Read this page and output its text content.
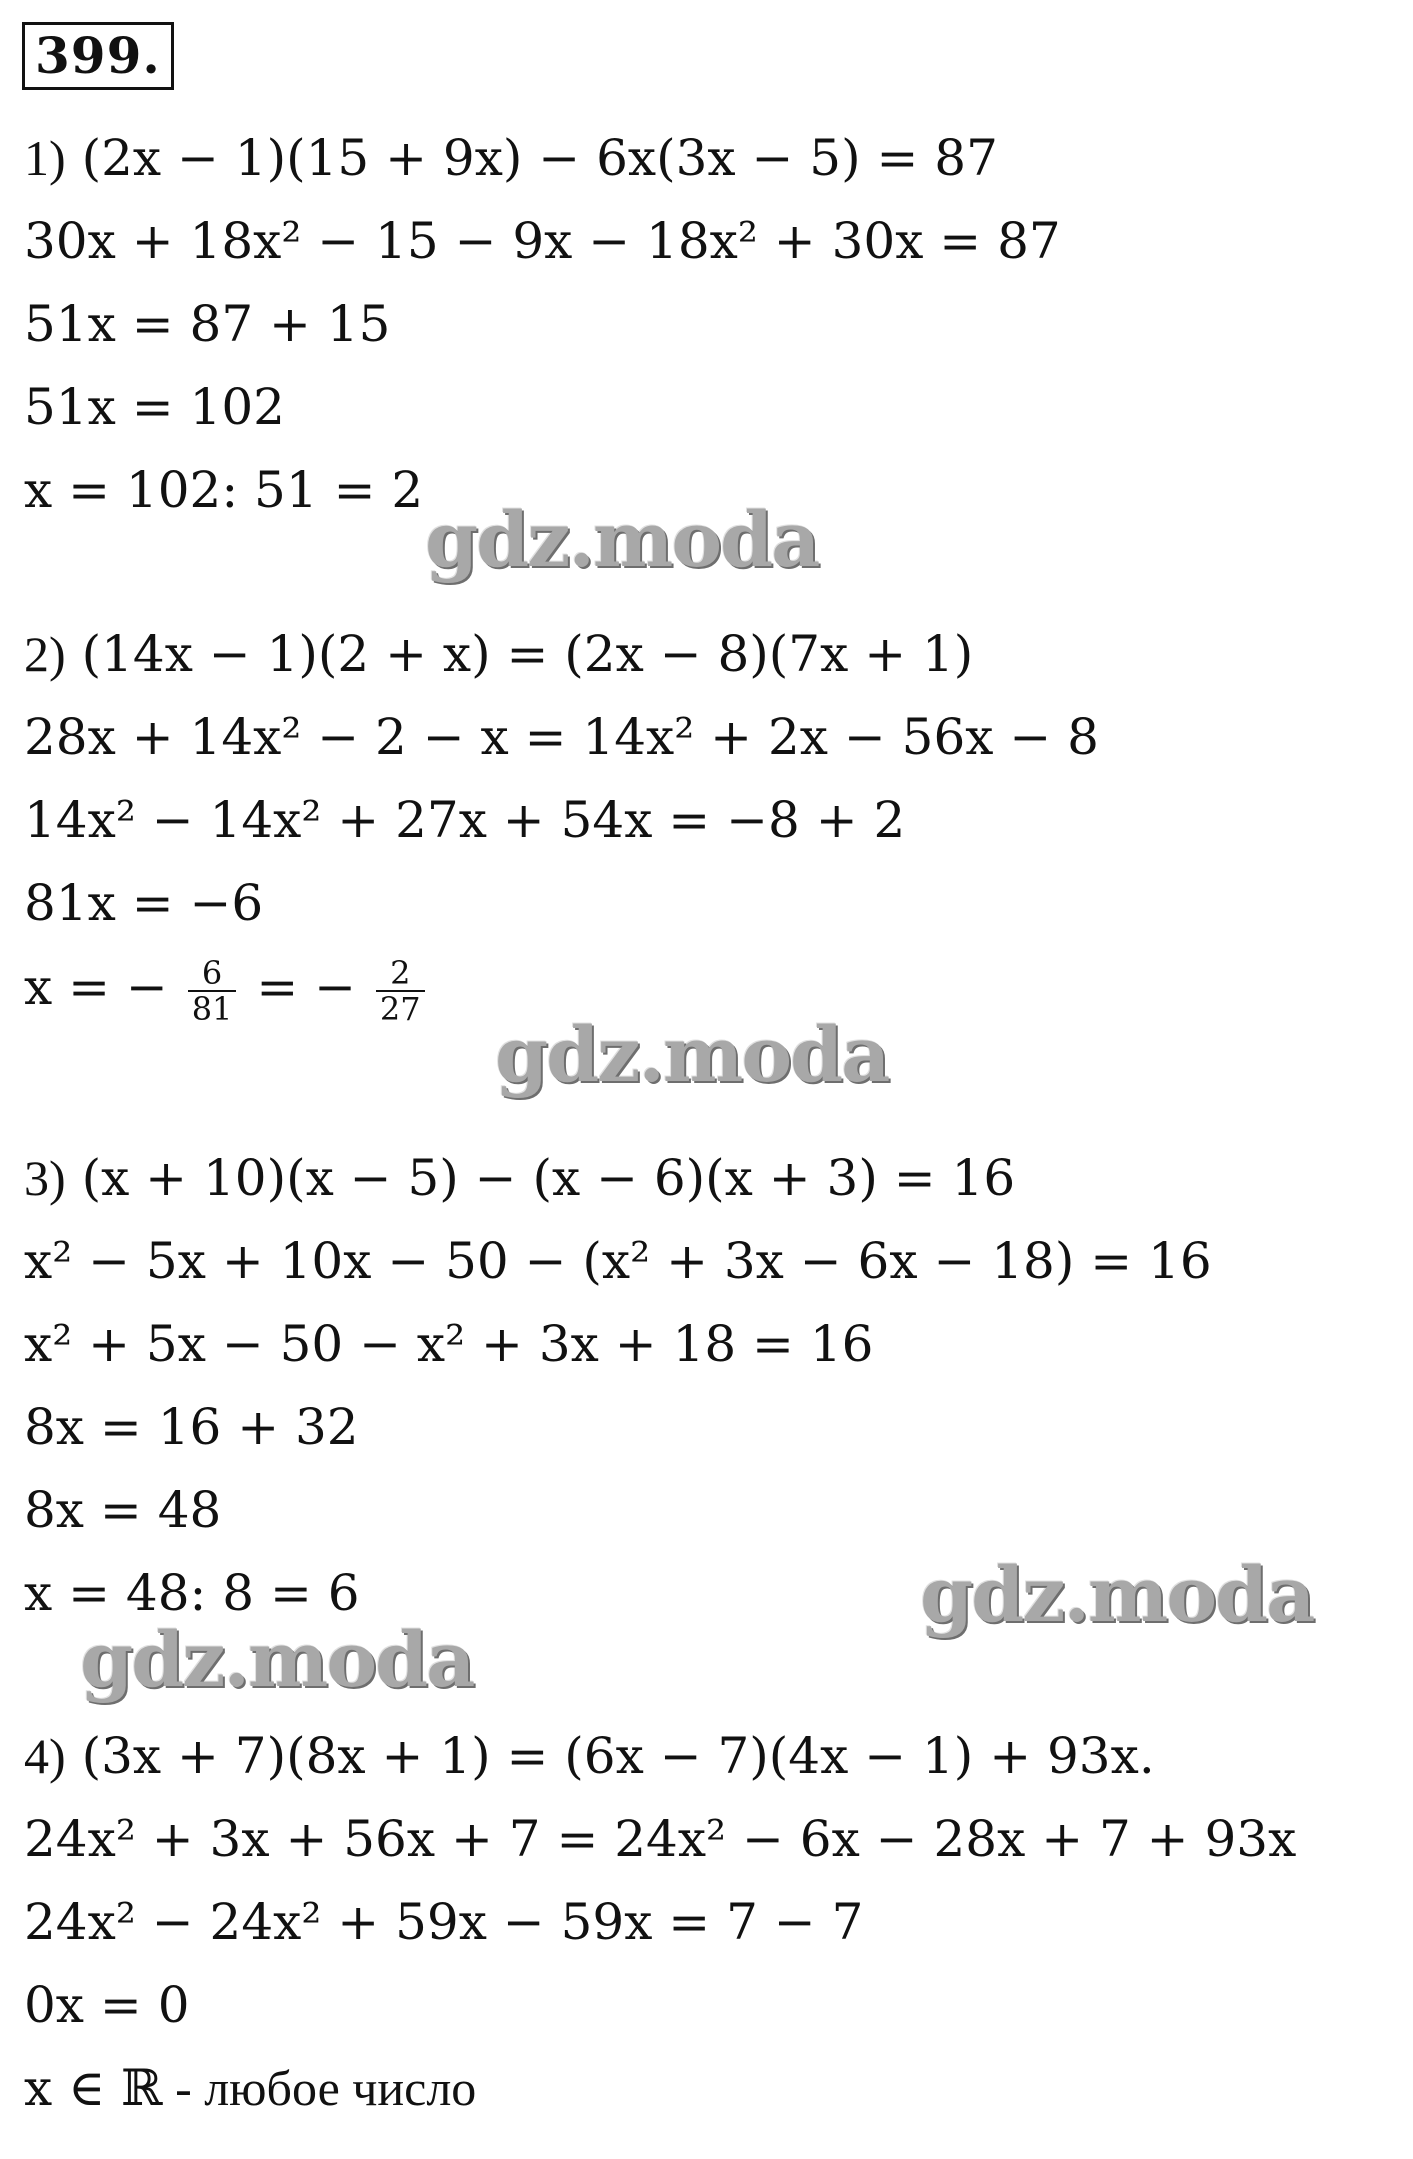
399.
1) (2x − 1)(15 + 9x) − 6x(3x − 5) = 87
30x + 18x² − 15 − 9x − 18x² + 30x = 87
51x = 87 + 15
51x = 102
x = 102: 51 = 2
gdz.moda
2) (14x − 1)(2 + x) = (2x − 8)(7x + 1)
28x + 14x² − 2 − x = 14x² + 2x − 56x − 8
14x² − 14x² + 27x + 54x = −8 + 2
81x = −6
x = − $\frac{6}{81}$ = − $\frac{2}{27}$
gdz.moda
3) (x + 10)(x − 5) − (x − 6)(x + 3) = 16
x² − 5x + 10x − 50 − (x² + 3x − 6x − 18) = 16
x² + 5x − 50 − x² + 3x + 18 = 16
8x = 16 + 32
8x = 48
x = 48: 8 = 6	gdz.moda
gdz.moda
4) (3x + 7)(8x + 1) = (6x − 7)(4x − 1) + 93x.
24x² + 3x + 56x + 7 = 24x² − 6x − 28x + 7 + 93x
24x² − 24x² + 59x − 59x = 7 − 7
0x = 0
x ∈ ℝ - любое число
